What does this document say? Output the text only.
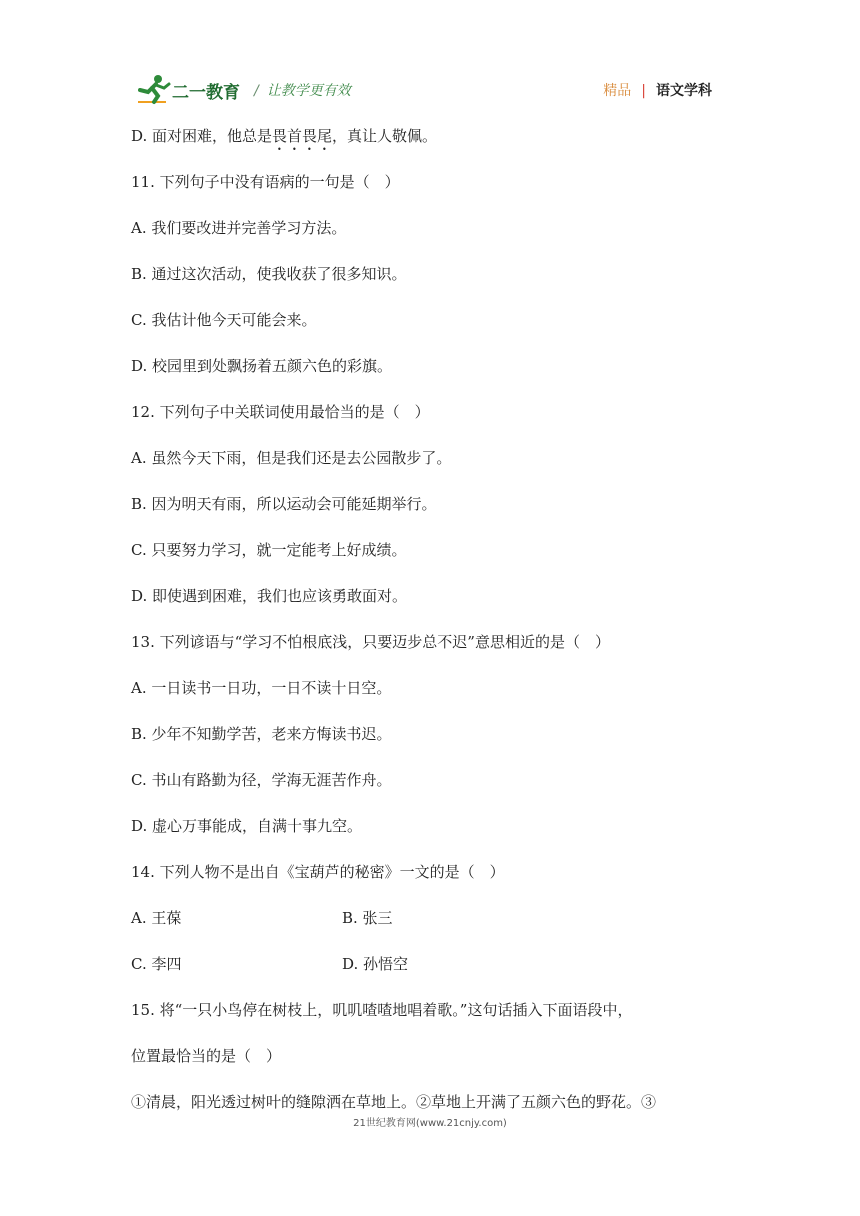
二一教育 / 让教学更有效	精品 | 语文学科
D. 面对困难，他总是畏首畏尾，真让人敬佩。
11. 下列句子中没有语病的一句是（　）
A. 我们要改进并完善学习方法。
B. 通过这次活动，使我收获了很多知识。
C. 我估计他今天可能会来。
D. 校园里到处飘扬着五颜六色的彩旗。
12. 下列句子中关联词使用最恰当的是（　）
A. 虽然今天下雨，但是我们还是去公园散步了。
B. 因为明天有雨，所以运动会可能延期举行。
C. 只要努力学习，就一定能考上好成绩。
D. 即使遇到困难，我们也应该勇敢面对。
13. 下列谚语与“学习不怕根底浅，只要迈步总不迟”意思相近的是（　）
A. 一日读书一日功，一日不读十日空。
B. 少年不知勤学苦，老来方悔读书迟。
C. 书山有路勤为径，学海无涯苦作舟。
D. 虚心万事能成，自满十事九空。
14. 下列人物不是出自《宝葫芦的秘密》一文的是（　）
A. 王葆	B. 张三
C. 李四	D. 孙悟空
15. 将“一只小鸟停在树枝上，叽叽喳喳地唱着歌。”这句话插入下面语段中，
位置最恰当的是（　）
①清晨，阳光透过树叶的缝隙洒在草地上。②草地上开满了五颜六色的野花。③
21世纪教育网(www.21cnjy.com)
